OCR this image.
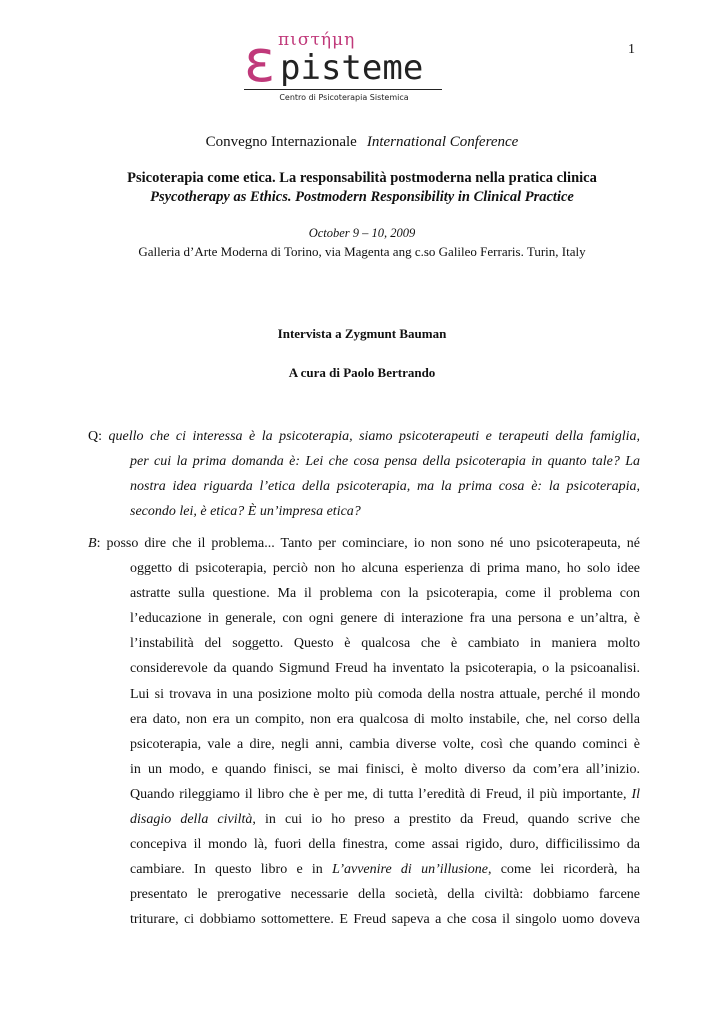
1
ε πιστήμη
pisteme
Centro di Psicoterapia Sistemica
Convegno Internazionale International Conference
Psicoterapia come etica. La responsabilità postmoderna nella pratica clinica
Psycotherapy as Ethics. Postmodern Responsibility in Clinical Practice
October 9 – 10, 2009
Galleria d’Arte Moderna di Torino, via Magenta ang c.so Galileo Ferraris. Turin, Italy
Intervista a Zygmunt Bauman
A cura di Paolo Bertrando
Q: quello che ci interessa è la psicoterapia, siamo psicoterapeuti e terapeuti della famiglia,
per cui la prima domanda è: Lei che cosa pensa della psicoterapia in quanto tale? La
nostra idea riguarda l’etica della psicoterapia, ma la prima cosa è: la psicoterapia,
secondo lei, è etica? È un’impresa etica?
B: posso dire che il problema... Tanto per cominciare, io non sono né uno psicoterapeuta, né
oggetto di psicoterapia, perciò non ho alcuna esperienza di prima mano, ho solo idee
astratte sulla questione. Ma il problema con la psicoterapia, come il problema con
l’educazione in generale, con ogni genere di interazione fra una persona e un’altra, è
l’instabilità del soggetto. Questo è qualcosa che è cambiato in maniera molto
considerevole da quando Sigmund Freud ha inventato la psicoterapia, o la psicoanalisi.
Lui si trovava in una posizione molto più comoda della nostra attuale, perché il mondo
era dato, non era un compito, non era qualcosa di molto instabile, che, nel corso della
psicoterapia, vale a dire, negli anni, cambia diverse volte, così che quando cominci è
in un modo, e quando finisci, se mai finisci, è molto diverso da com’era all’inizio.
Quando rileggiamo il libro che è per me, di tutta l’eredità di Freud, il più importante, Il
disagio della civiltà, in cui io ho preso a prestito da Freud, quando scrive che
concepiva il mondo là, fuori della finestra, come assai rigido, duro, difficilissimo da
cambiare. In questo libro e in L’avvenire di un’illusione, come lei ricorderà, ha
presentato le prerogative necessarie della società, della civiltà: dobbiamo farcene
triturare, ci dobbiamo sottomettere. E Freud sapeva a che cosa il singolo uomo doveva
